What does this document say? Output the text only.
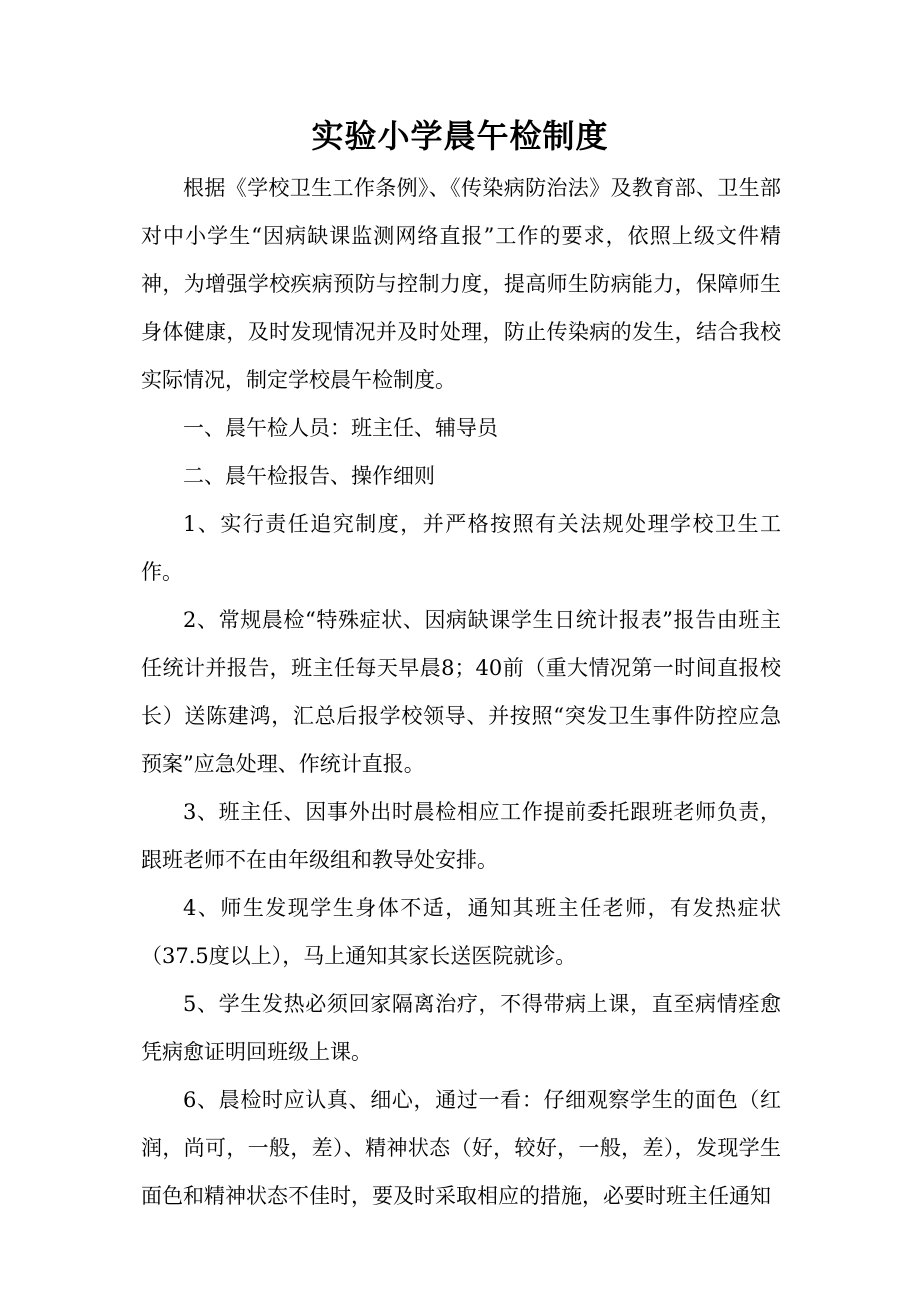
实验小学晨午检制度

根据《学校卫生工作条例》、《传染病防治法》及教育部、卫生部对中小学生“因病缺课监测网络直报”工作的要求，依照上级文件精神，为增强学校疾病预防与控制力度，提高师生防病能力，保障师生身体健康，及时发现情况并及时处理，防止传染病的发生，结合我校实际情况，制定学校晨午检制度。

一、晨午检人员：班主任、辅导员

二、晨午检报告、操作细则

1、实行责任追究制度，并严格按照有关法规处理学校卫生工作。

2、常规晨检“特殊症状、因病缺课学生日统计报表”报告由班主任统计并报告，班主任每天早晨8；40前（重大情况第一时间直报校长）送陈建鸿，汇总后报学校领导、并按照“突发卫生事件防控应急预案”应急处理、作统计直报。

3、班主任、因事外出时晨检相应工作提前委托跟班老师负责，跟班老师不在由年级组和教导处安排。

4、师生发现学生身体不适，通知其班主任老师，有发热症状（37.5度以上），马上通知其家长送医院就诊。

5、学生发热必须回家隔离治疗，不得带病上课，直至病情痊愈凭病愈证明回班级上课。

6、晨检时应认真、细心，通过一看：仔细观察学生的面色（红润，尚可，一般，差）、精神状态（好，较好，一般，差），发现学生面色和精神状态不佳时，要及时采取相应的措施，必要时班主任通知
